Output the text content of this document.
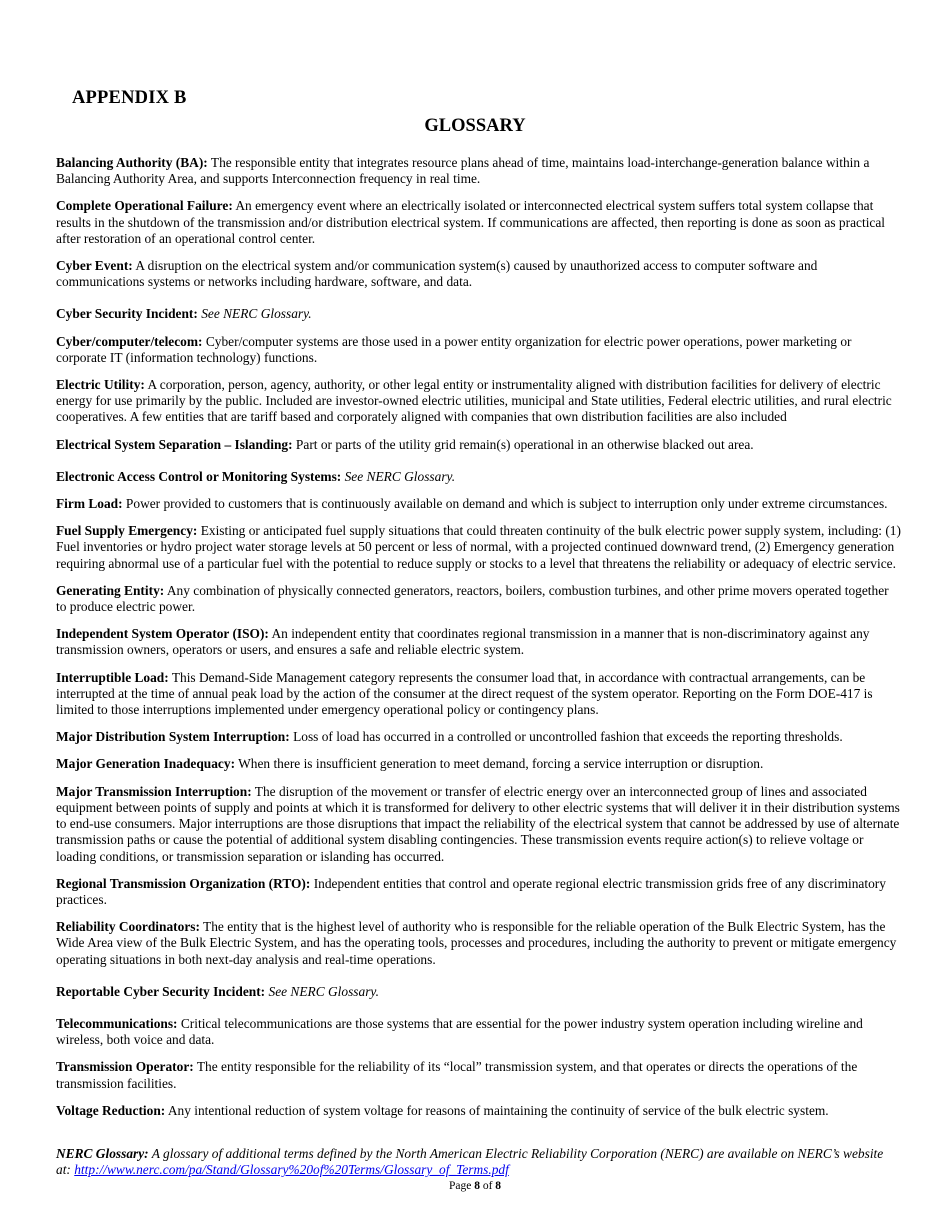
APPENDIX B
GLOSSARY

Balancing Authority (BA): The responsible entity that integrates resource plans ahead of time, maintains load-interchange-generation balance within a Balancing Authority Area, and supports Interconnection frequency in real time.

Complete Operational Failure: An emergency event where an electrically isolated or interconnected electrical system suffers total system collapse that results in the shutdown of the transmission and/or distribution electrical system. If communications are affected, then reporting is done as soon as practical after restoration of an operational control center.

Cyber Event: A disruption on the electrical system and/or communication system(s) caused by unauthorized access to computer software and communications systems or networks including hardware, software, and data.

Cyber Security Incident: See NERC Glossary.

Cyber/computer/telecom: Cyber/computer systems are those used in a power entity organization for electric power operations, power marketing or corporate IT (information technology) functions.

Electric Utility: A corporation, person, agency, authority, or other legal entity or instrumentality aligned with distribution facilities for delivery of electric energy for use primarily by the public. Included are investor-owned electric utilities, municipal and State utilities, Federal electric utilities, and rural electric cooperatives. A few entities that are tariff based and corporately aligned with companies that own distribution facilities are also included

Electrical System Separation – Islanding: Part or parts of the utility grid remain(s) operational in an otherwise blacked out area.

Electronic Access Control or Monitoring Systems: See NERC Glossary.

Firm Load: Power provided to customers that is continuously available on demand and which is subject to interruption only under extreme circumstances.

Fuel Supply Emergency: Existing or anticipated fuel supply situations that could threaten continuity of the bulk electric power supply system, including: (1) Fuel inventories or hydro project water storage levels at 50 percent or less of normal, with a projected continued downward trend, (2) Emergency generation requiring abnormal use of a particular fuel with the potential to reduce supply or stocks to a level that threatens the reliability or adequacy of electric service.

Generating Entity: Any combination of physically connected generators, reactors, boilers, combustion turbines, and other prime movers operated together to produce electric power.

Independent System Operator (ISO): An independent entity that coordinates regional transmission in a manner that is non-discriminatory against any transmission owners, operators or users, and ensures a safe and reliable electric system.

Interruptible Load: This Demand-Side Management category represents the consumer load that, in accordance with contractual arrangements, can be interrupted at the time of annual peak load by the action of the consumer at the direct request of the system operator. Reporting on the Form DOE-417 is limited to those interruptions implemented under emergency operational policy or contingency plans.

Major Distribution System Interruption: Loss of load has occurred in a controlled or uncontrolled fashion that exceeds the reporting thresholds.

Major Generation Inadequacy: When there is insufficient generation to meet demand, forcing a service interruption or disruption.

Major Transmission Interruption: The disruption of the movement or transfer of electric energy over an interconnected group of lines and associated equipment between points of supply and points at which it is transformed for delivery to other electric systems that will deliver it in their distribution systems to end-use consumers. Major interruptions are those disruptions that impact the reliability of the electrical system that cannot be addressed by use of alternate transmission paths or cause the potential of additional system disabling contingencies. These transmission events require action(s) to relieve voltage or loading conditions, or transmission separation or islanding has occurred.

Regional Transmission Organization (RTO): Independent entities that control and operate regional electric transmission grids free of any discriminatory practices.

Reliability Coordinators: The entity that is the highest level of authority who is responsible for the reliable operation of the Bulk Electric System, has the Wide Area view of the Bulk Electric System, and has the operating tools, processes and procedures, including the authority to prevent or mitigate emergency operating situations in both next-day analysis and real-time operations.

Reportable Cyber Security Incident: See NERC Glossary.

Telecommunications: Critical telecommunications are those systems that are essential for the power industry system operation including wireline and wireless, both voice and data.

Transmission Operator: The entity responsible for the reliability of its “local” transmission system, and that operates or directs the operations of the transmission facilities.

Voltage Reduction: Any intentional reduction of system voltage for reasons of maintaining the continuity of service of the bulk electric system.

NERC Glossary: A glossary of additional terms defined by the North American Electric Reliability Corporation (NERC) are available on NERC’s website at: http://www.nerc.com/pa/Stand/Glossary%20of%20Terms/Glossary_of_Terms.pdf

Page 8 of 8
